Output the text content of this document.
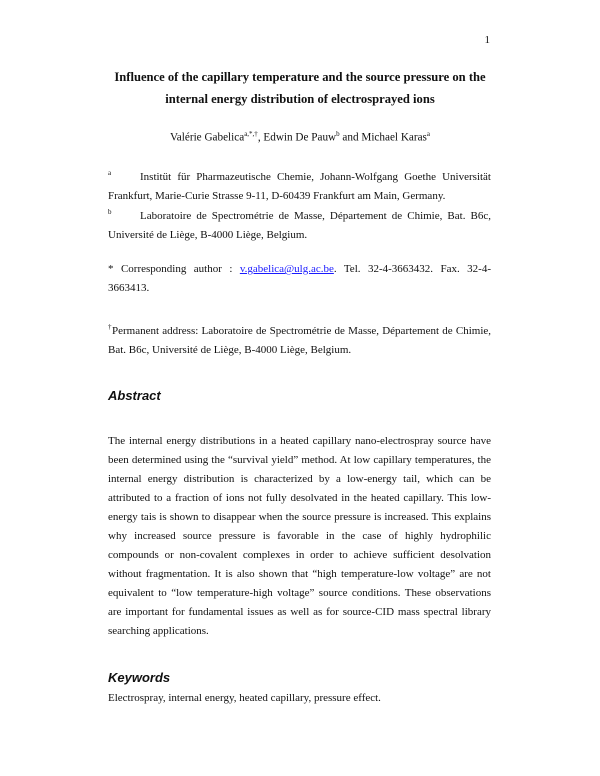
1
Influence of the capillary temperature and the source pressure on the internal energy distribution of electrosprayed ions
Valérie Gabelica$^{a,*,\dagger}$, Edwin De Pauw$^b$ and Michael Karas$^a$

a	Institüt für Pharmazeutische Chemie, Johann-Wolfgang Goethe Universität Frankfurt, Marie-Curie Strasse 9-11, D-60439 Frankfurt am Main, Germany.

b	Laboratoire de Spectrométrie de Masse, Département de Chimie, Bat. B6c, Université de Liège, B-4000 Liège, Belgium.

* Corresponding author : v.gabelica@ulg.ac.be. Tel. 32-4-3663432. Fax. 32-4-3663413.

†Permanent address: Laboratoire de Spectrométrie de Masse, Département de Chimie, Bat. B6c, Université de Liège, B-4000 Liège, Belgium.

Abstract

The internal energy distributions in a heated capillary nano-electrospray source have been determined using the “survival yield” method. At low capillary temperatures, the internal energy distribution is characterized by a low-energy tail, which can be attributed to a fraction of ions not fully desolvated in the heated capillary. This low-energy tais is shown to disappear when the source pressure is increased. This explains why increased source pressure is favorable in the case of highly hydrophilic compounds or non-covalent complexes in order to achieve sufficient desolvation without fragmentation. It is also shown that “high temperature-low voltage” are not equivalent to “low temperature-high voltage” source conditions. These observations are important for fundamental issues as well as for source-CID mass spectral library searching applications.

Keywords

Electrospray, internal energy, heated capillary, pressure effect.
